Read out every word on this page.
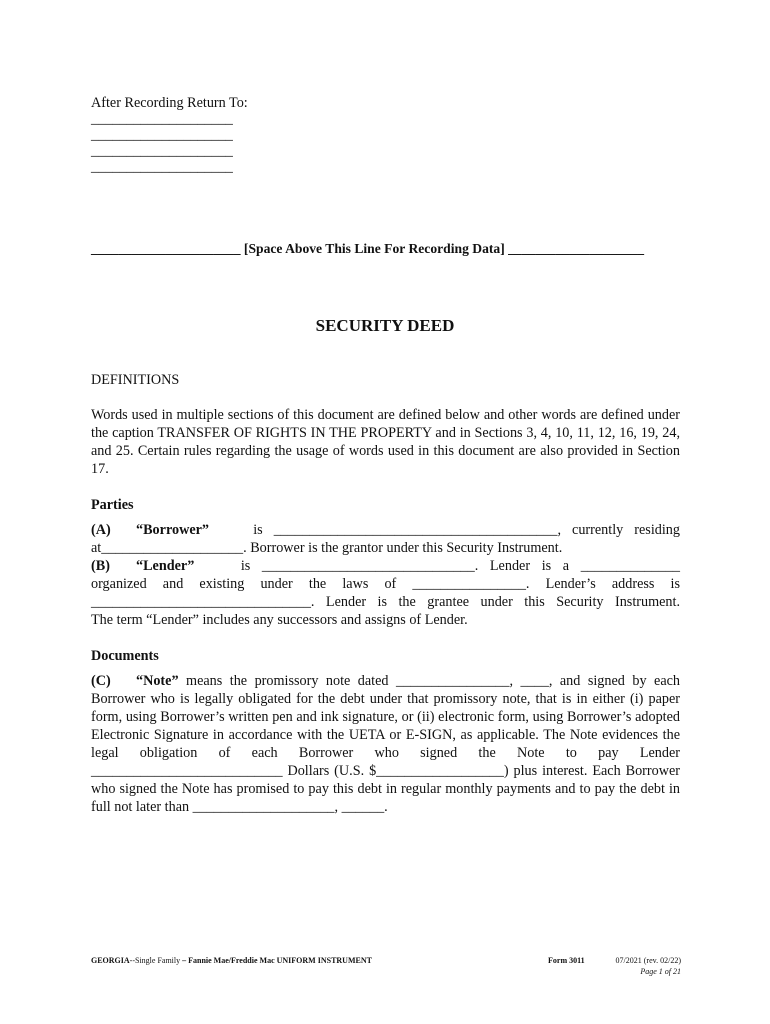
After Recording Return To:
____________________
____________________
____________________
____________________
______________________ [Space Above This Line For Recording Data] ____________________
SECURITY DEED
DEFINITIONS
Words used in multiple sections of this document are defined below and other words are defined under the caption TRANSFER OF RIGHTS IN THE PROPERTY and in Sections 3, 4, 10, 11, 12, 16, 19, 24, and 25. Certain rules regarding the usage of words used in this document are also provided in Section 17.
Parties
(A) “Borrower”	is ________________________________________, currently residing
at____________________. Borrower is the grantor under this Security Instrument.
(B) “Lender”	is ______________________________. Lender is a ______________
organized and existing under the laws of ________________. Lender’s address is
_______________________________. Lender is the grantee under this Security Instrument.
The term “Lender” includes any successors and assigns of Lender.
Documents
(C) “Note” means the promissory note dated ________________, ____, and signed by each Borrower who is legally obligated for the debt under that promissory note, that is in either (i) paper form, using Borrower’s written pen and ink signature, or (ii) electronic form, using Borrower’s adopted Electronic Signature in accordance with the UETA or E-SIGN, as applicable. The Note evidences the legal obligation of each Borrower who signed the Note to pay Lender ___________________________ Dollars (U.S. $__________________) plus interest. Each Borrower who signed the Note has promised to pay this debt in regular monthly payments and to pay the debt in full not later than ____________________, ______.
GEORGIA--Single Family – Fannie Mae/Freddie Mac UNIFORM INSTRUMENT	Form 3011	07/2021 (rev. 02/22)
Page 1 of 21
